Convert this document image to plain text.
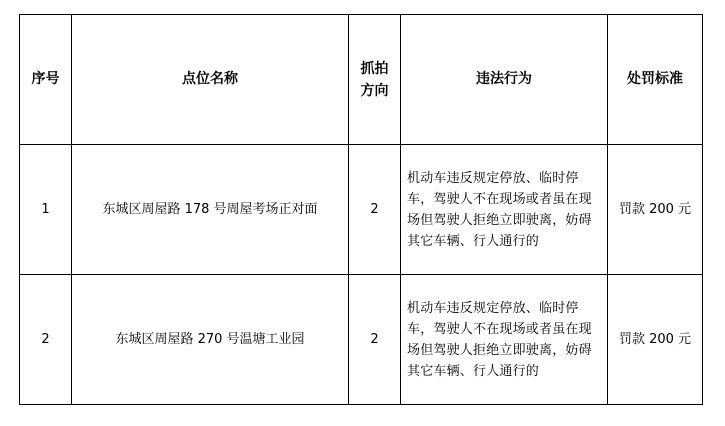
序号	点位名称	抓拍方向	违法行为	处罚标准
1	东城区周屋路 178 号周屋考场正对面	2	机动车违反规定停放、临时停车，驾驶人不在现场或者虽在现场但驾驶人拒绝立即驶离，妨碍其它车辆、行人通行的	罚款 200 元
2	东城区周屋路 270 号温塘工业园	2	机动车违反规定停放、临时停车，驾驶人不在现场或者虽在现场但驾驶人拒绝立即驶离，妨碍其它车辆、行人通行的	罚款 200 元
